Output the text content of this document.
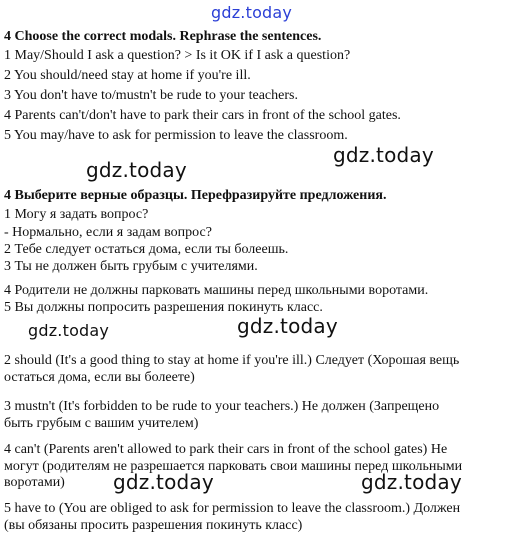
gdz.today
gdz.today
gdz.today
gdz.today	gdz.today
gdz.today	gdz.today
4 Choose the correct modals. Rephrase the sentences.
1 May/Should I ask a question? > Is it OK if I ask a question?
2 You should/need stay at home if you're ill.
3 You don't have to/mustn't be rude to your teachers.
4 Parents can't/don't have to park their cars in front of the school gates.
5 You may/have to ask for permission to leave the classroom.
4 Выберите верные образцы. Перефразируйте предложения.
1 Могу я задать вопрос?
- Нормально, если я задам вопрос?
2 Тебе следует остаться дома, если ты болеешь.
3 Ты не должен быть грубым с учителями.
4 Родители не должны парковать машины перед школьными воротами.
5 Вы должны попросить разрешения покинуть класс.
2 should (It's a good thing to stay at home if you're ill.) Следует (Хорошая вещь
остаться дома, если вы болеете)
3 mustn't (It's forbidden to be rude to your teachers.) Не должен (Запрещено
быть грубым с вашим учителем)
4 can't (Parents aren't allowed to park their cars in front of the school gates) Не
могут (родителям не разрешается парковать свои машины перед школьными
воротами)
5 have to (You are obliged to ask for permission to leave the classroom.) Должен
(вы обязаны просить разрешения покинуть класс)
